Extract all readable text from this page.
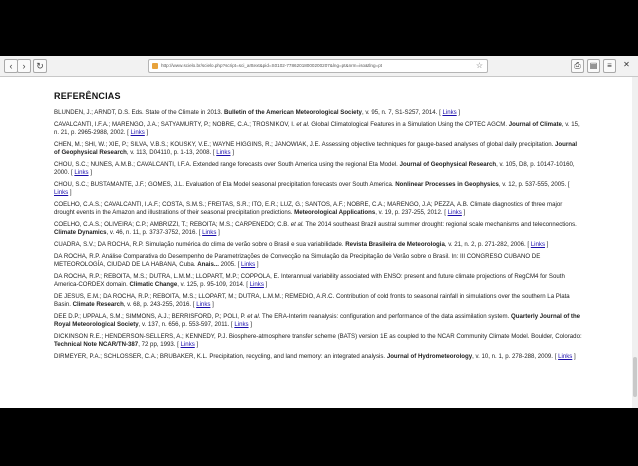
‹	›	↻	http://www.scielo.br/scielo.php?script=sci_arttext&pid=S0102-77862018000200207&lng=pt&nrm=iso&tlng=pt	☆	⎙	▤	≡	✕
REFERÊNCIAS

BLUNDEN, J.; ARNDT, D.S. Eds. State of the Climate in 2013. Bulletin of the American Meteorological Society, v. 95, n. 7, S1-S257, 2014. [ Links ]

CAVALCANTI, I.F.A.; MARENGO, J.A.; SATYAMURTY, P.; NOBRE, C.A.; TROSNIKOV, I. et al. Global Climatological Features in a Simulation Using the CPTEC AGCM. Journal of Climate, v. 15, n. 21, p. 2965-2988, 2002. [ Links ]

CHEN, M.; SHI, W.; XIE, P.; SILVA, V.B.S.; KOUSKY, V.E.; WAYNE HIGGINS, R.; JANOWIAK, J.E. Assessing objective techniques for gauge-based analyses of global daily precipitation. Journal of Geophysical Research, v. 113, D04110, p. 1-13, 2008. [ Links ]

CHOU, S.C.; NUNES, A.M.B.; CAVALCANTI, I.F.A. Extended range forecasts over South America using the regional Eta Model. Journal of Geophysical Research, v. 105, D8, p. 10147-10160, 2000. [ Links ]

CHOU, S.C.; BUSTAMANTE, J.F.; GOMES, J.L. Evaluation of Eta Model seasonal precipitation forecasts over South America. Nonlinear Processes in Geophysics, v. 12, p. 537-555, 2005. [ Links ]

COELHO, C.A.S.; CAVALCANTI, I.A.F.; COSTA, S.M.S.; FREITAS, S.R.; ITO, E.R.; LUZ, G.; SANTOS, A.F.; NOBRE, C.A.; MARENGO, J.A; PEZZA, A.B. Climate diagnostics of three major drought events in the Amazon and illustrations of their seasonal precipitation predictions. Meteorological Applications, v. 19, p. 237-255, 2012. [ Links ]

COELHO, C.A.S.; OLIVEIRA; C.P.; AMBRIZZI, T.; REBOITA; M.S.; CARPENEDO; C.B. et al. The 2014 southeast Brazil austral summer drought: regional scale mechanisms and teleconnections. Climate Dynamics, v. 46, n. 11, p. 3737-3752, 2016. [ Links ]

CUADRA, S.V.; DA ROCHA, R.P. Simulação numérica do clima de verão sobre o Brasil e sua variabilidade. Revista Brasileira de Meteorologia, v. 21, n. 2, p. 271-282, 2006. [ Links ]

DA ROCHA, R.P. Análise Comparativa do Desempenho de Parametrizações de Convecção na Simulação da Precipitação de Verão sobre o Brasil. In: III CONGRESO CUBANO DE METEOROLOGÍA, CIUDAD DE LA HABANA, Cuba. Anais... 2005. [ Links ]

DA ROCHA, R.P.; REBOITA, M.S.; DUTRA, L.M.M.; LLOPART, M.P.; COPPOLA, E. Interannual variability associated with ENSO: present and future climate projections of RegCM4 for South America-CORDEX domain. Climatic Change, v. 125, p. 95-109, 2014. [ Links ]

DE JESUS, E.M.; DA ROCHA, R.P.; REBOITA, M.S.; LLOPART, M.; DUTRA, L.M.M.; REMEDIO, A.R.C. Contribution of cold fronts to seasonal rainfall in simulations over the southern La Plata Basin. Climate Research, v. 68, p. 243-255, 2016. [ Links ]

DEE D.P.; UPPALA, S.M.; SIMMONS, A.J.; BERRISFORD, P.; POLI, P. et al. The ERA-Interim reanalysis: configuration and performance of the data assimilation system. Quarterly Journal of the Royal Meteorological Society, v. 137, n. 656, p. 553-597, 2011. [ Links ]

DICKINSON R.E.; HENDERSON-SELLERS, A.; KENNEDY, P.J. Biosphere-atmosphere transfer scheme (BATS) version 1E as coupled to the NCAR Community Climate Model. Boulder, Colorado: Technical Note NCAR/TN-387, 72 pp, 1993. [ Links ]

DIRMEYER, P.A.; SCHLOSSER, C.A.; BRUBAKER, K.L. Precipitation, recycling, and land memory: an integrated analysis. Journal of Hydrometeorology, v. 10, n. 1, p. 278-288, 2009. [ Links ]
